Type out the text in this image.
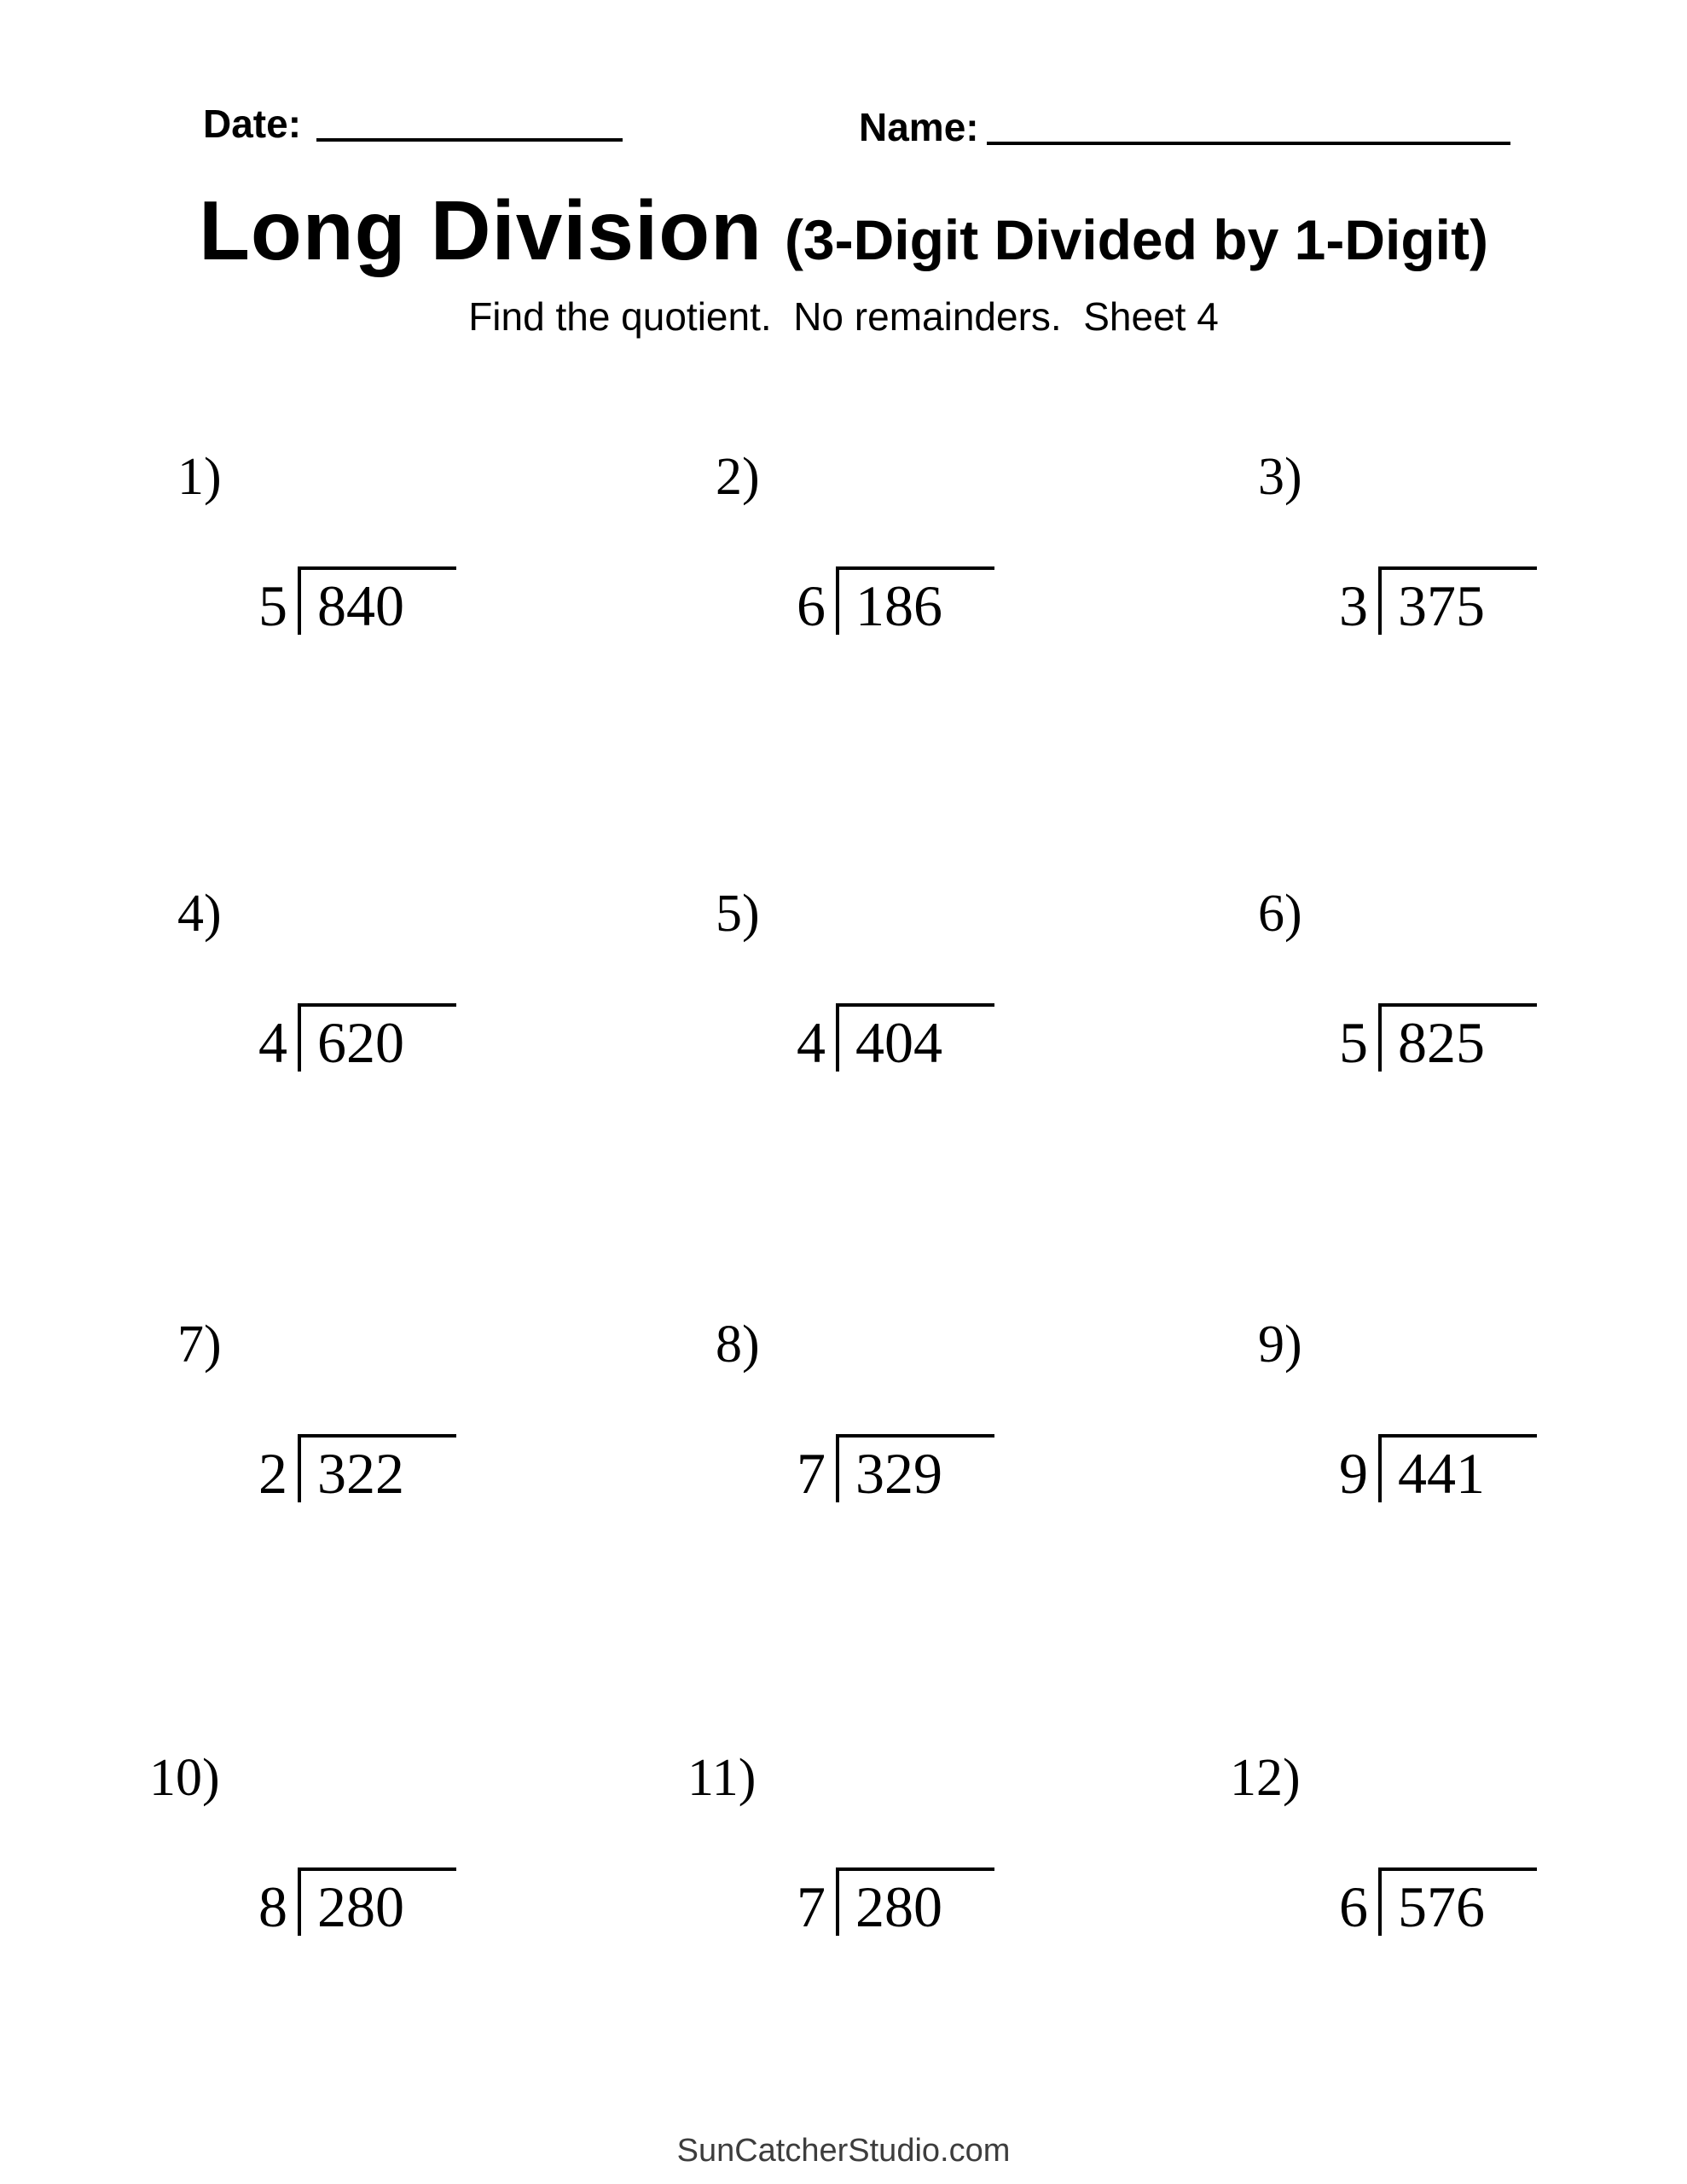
Date:	Name:
Long Division (3-Digit Divided by 1-Digit)
Find the quotient.  No remainders.  Sheet 4
1)
5 840
2)
6 186
3)
3 375
4)
4 620
5)
4 404
6)
5 825
7)
2 322
8)
7 329
9)
9 441
10)
8 280
11)
7 280
12)
6 576
SunCatcherStudio.com
